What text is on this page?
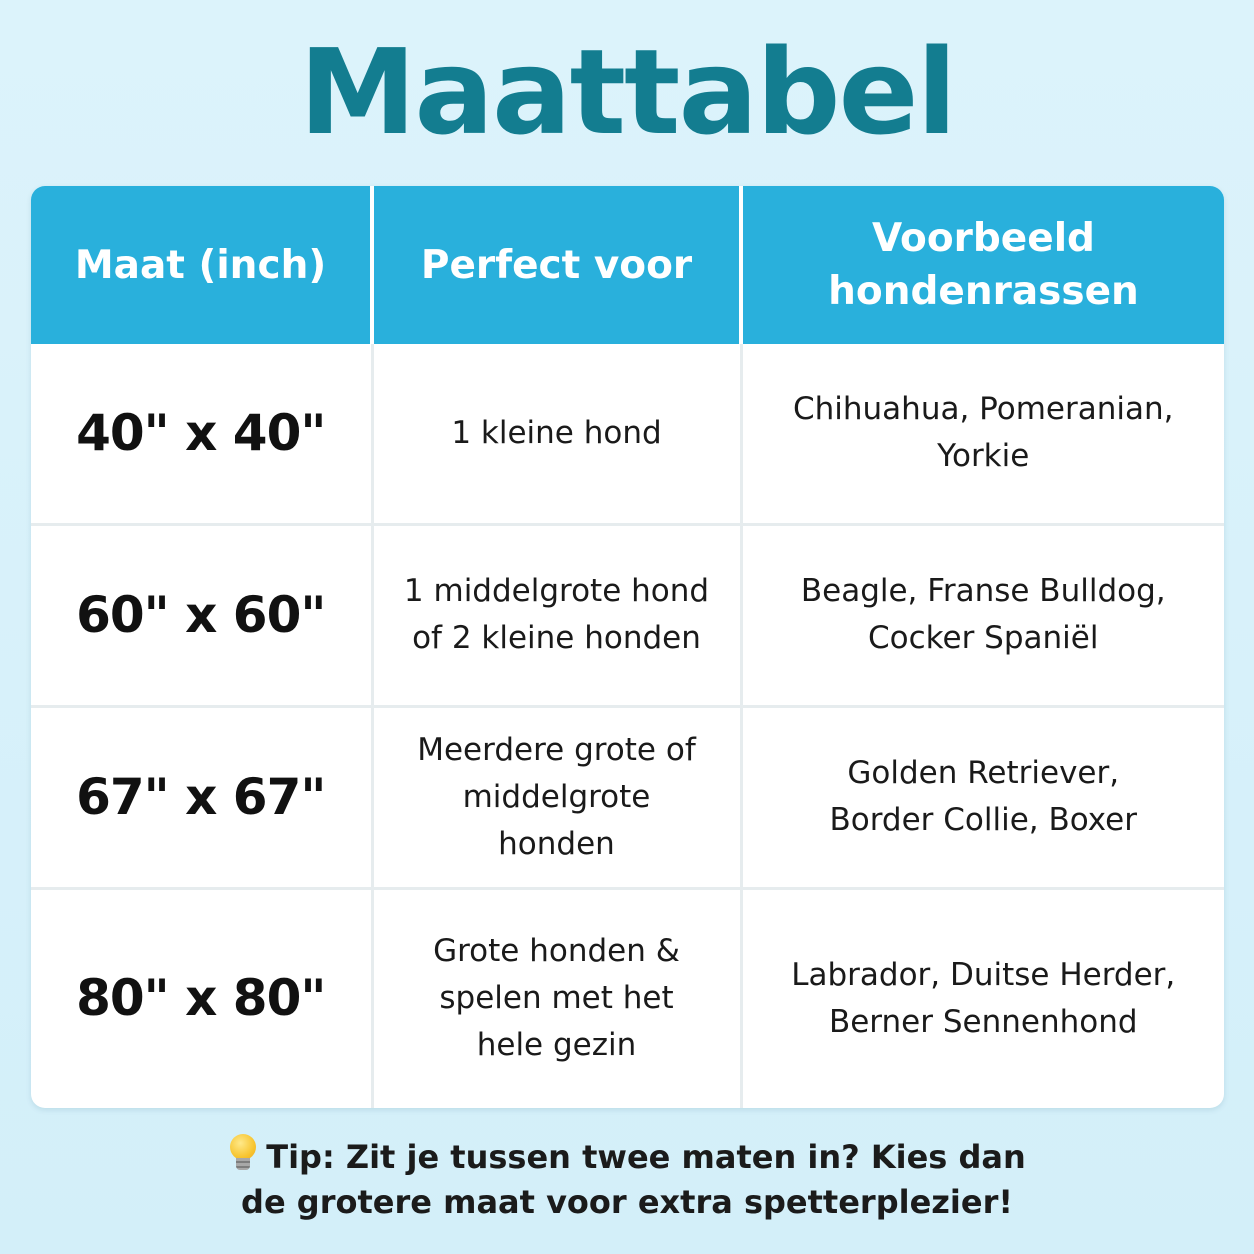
Maattabel
Maat (inch)	Perfect voor	Voorbeeld hondenrassen
40" x 40"	1 kleine hond	Chihuahua, Pomeranian, Yorkie
60" x 60"	1 middelgrote hond of 2 kleine honden	Beagle, Franse Bulldog, Cocker Spaniël
67" x 67"	Meerdere grote of middelgrote honden	Golden Retriever, Border Collie, Boxer
80" x 80"	Grote honden & spelen met het hele gezin	Labrador, Duitse Herder, Berner Sennenhond
Tip: Zit je tussen twee maten in? Kies dan
de grotere maat voor extra spetterplezier!
